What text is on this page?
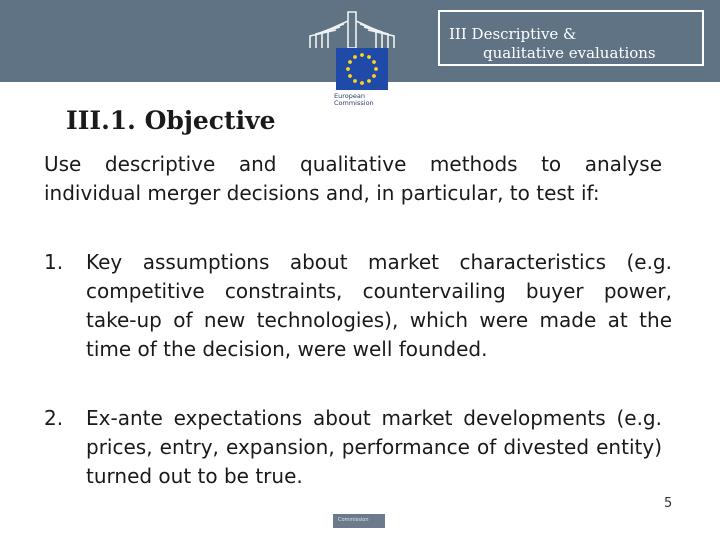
European
Commission
III Descriptive &
qualitative evaluations
III.1. Objective
Use descriptive and qualitative methods to analyse individual merger decisions and, in particular, to test if:
1. Key assumptions about market characteristics (e.g. competitive constraints, countervailing buyer power, take-up of new technologies), which were made at the time of the decision, were well founded.
2. Ex-ante expectations about market developments (e.g. prices, entry, expansion, performance of divested entity) turned out to be true.
5
Commission
